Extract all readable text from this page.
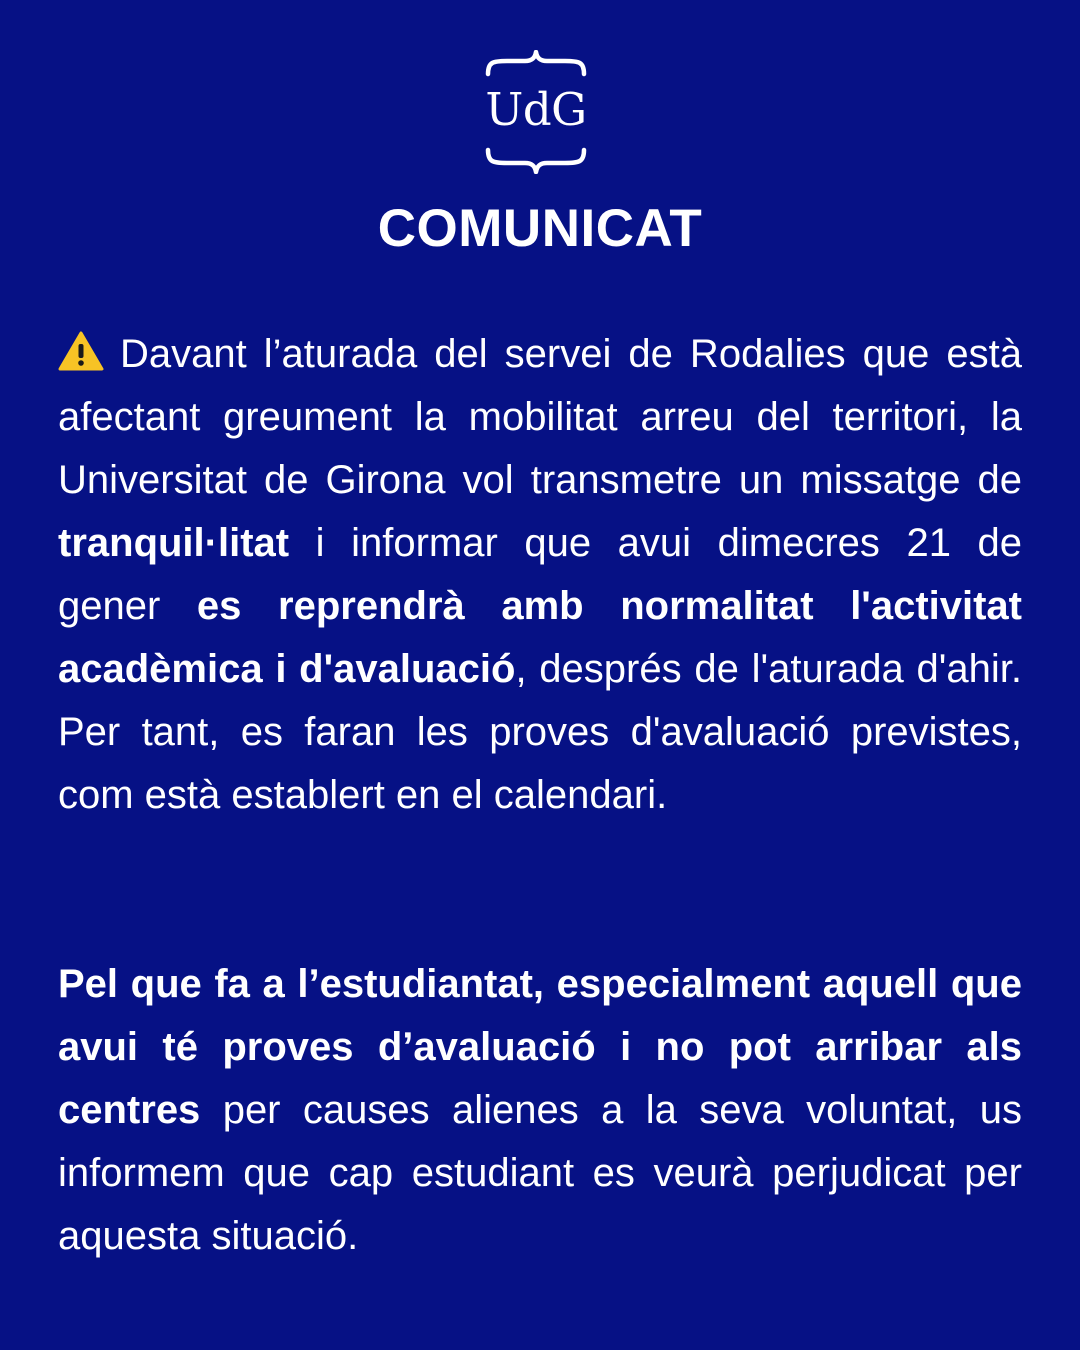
UdG
COMUNICAT

Davant l’aturada del servei de Rodalies que està afectant greument la mobilitat arreu del territori, la Universitat de Girona vol transmetre un missatge de tranquil·litat i informar que avui dimecres 21 de gener es reprendrà amb normalitat l'activitat acadèmica i d'avaluació, després de l'aturada d'ahir. Per tant, es faran les proves d'avaluació previstes, com està establert en el calendari.

Pel que fa a l’estudiantat, especialment aquell que avui té proves d’avaluació i no pot arribar als centres per causes alienes a la seva voluntat, us informem que cap estudiant es veurà perjudicat per aquesta situació.
